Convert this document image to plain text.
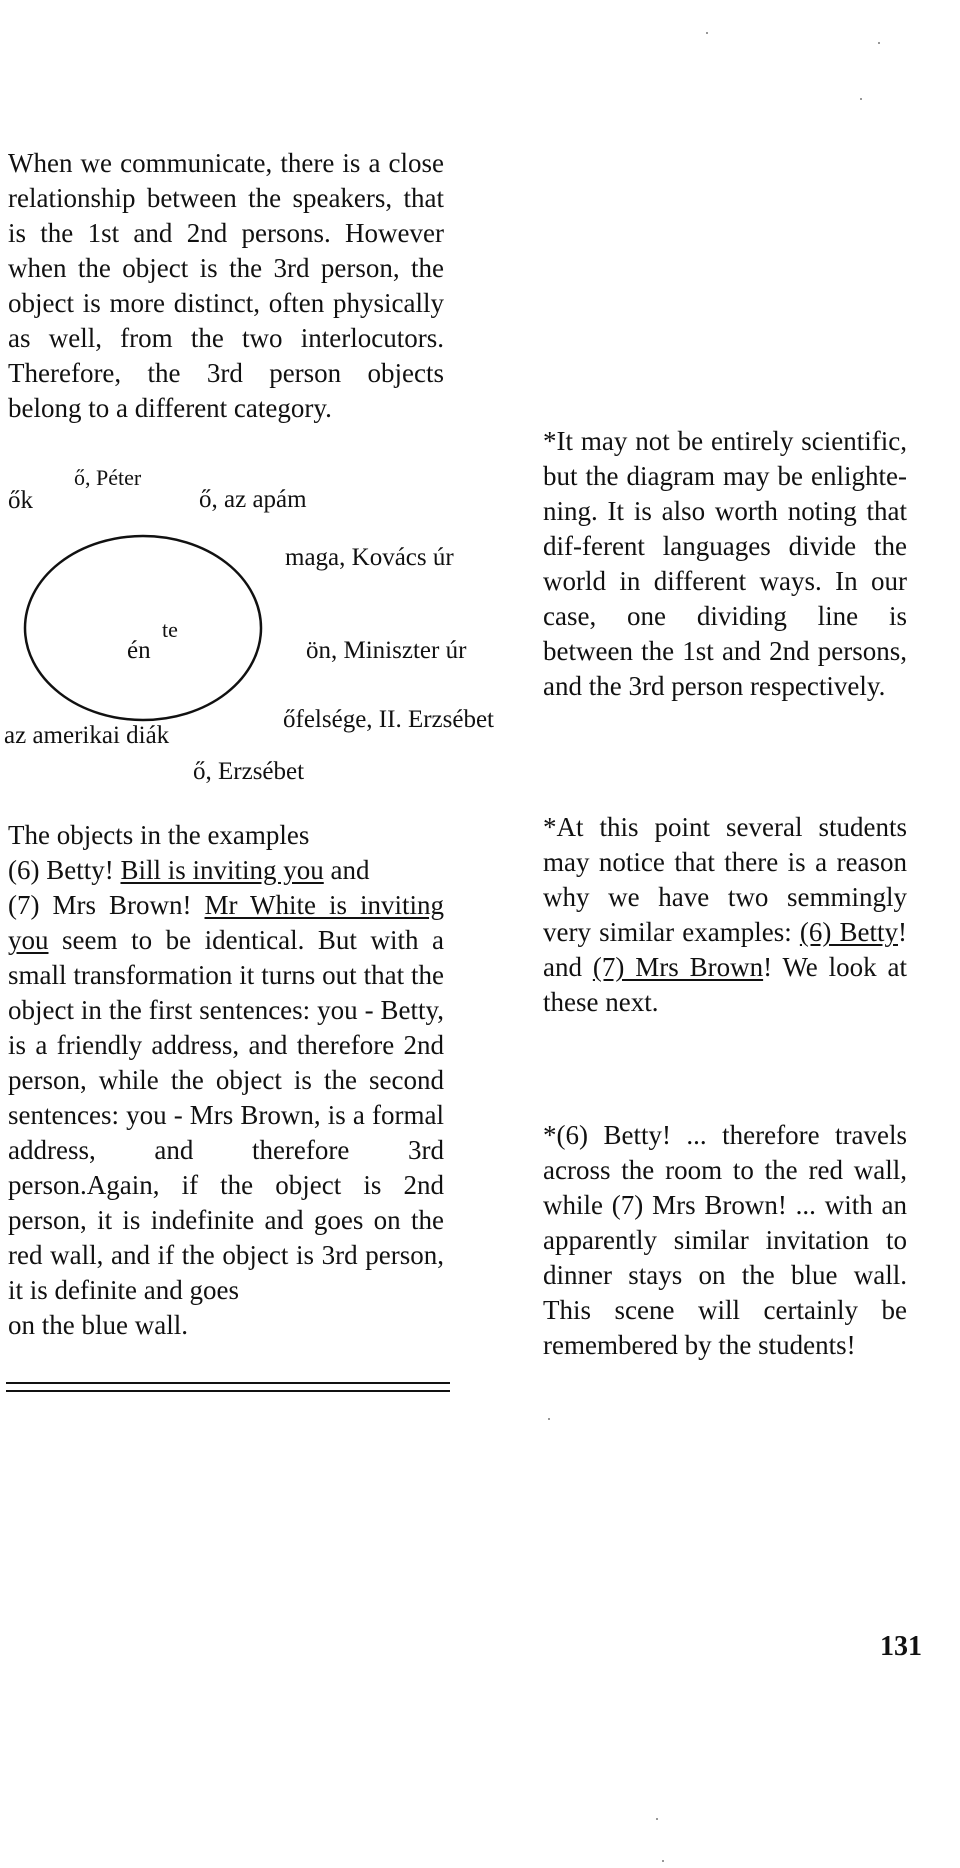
When we communicate, there is a close relationship between the speakers, that is the 1st and 2nd persons. However when the object is the 3rd person, the object is more distinct, often physically as well, from the two interlocutors. Therefore, the 3rd person objects belong to a different category.

ők
ő, Péter
ő, az apám
maga, Kovács úr
én
te
ön, Miniszter úr
őfelsége, II. Erzsébet
az amerikai diák
ő, Erzsébet

The objects in the examples

(6) Betty! Bill is inviting you and

(7) Mrs Brown! Mr White is inviting you seem to be identical. But with a small transformation it turns out that the object in the first sentences: you - Betty, is a friendly address, and therefore 2nd person, while the object is the second sentences: you - Mrs Brown, is a formal address, and therefore 3rd person.Again, if the object is 2nd person, it is indefinite and goes on the red wall, and if the object is 3rd person, it is definite and goes

on the blue wall.

*It may not be entirely scientific, but the diagram may be enlighte-ning. It is also worth noting that dif-ferent languages divide the world in different ways. In our case, one dividing line is between the 1st and 2nd persons, and the 3rd person respectively.

*At this point several students may notice that there is a reason why we have two semmingly very similar examples: (6) Betty! and (7) Mrs Brown! We look at these next.

*(6) Betty! ... therefore travels across the room to the red wall, while (7) Mrs Brown! ... with an apparently similar invitation to dinner stays on the blue wall. This scene will certainly be remembered by the students!

131
